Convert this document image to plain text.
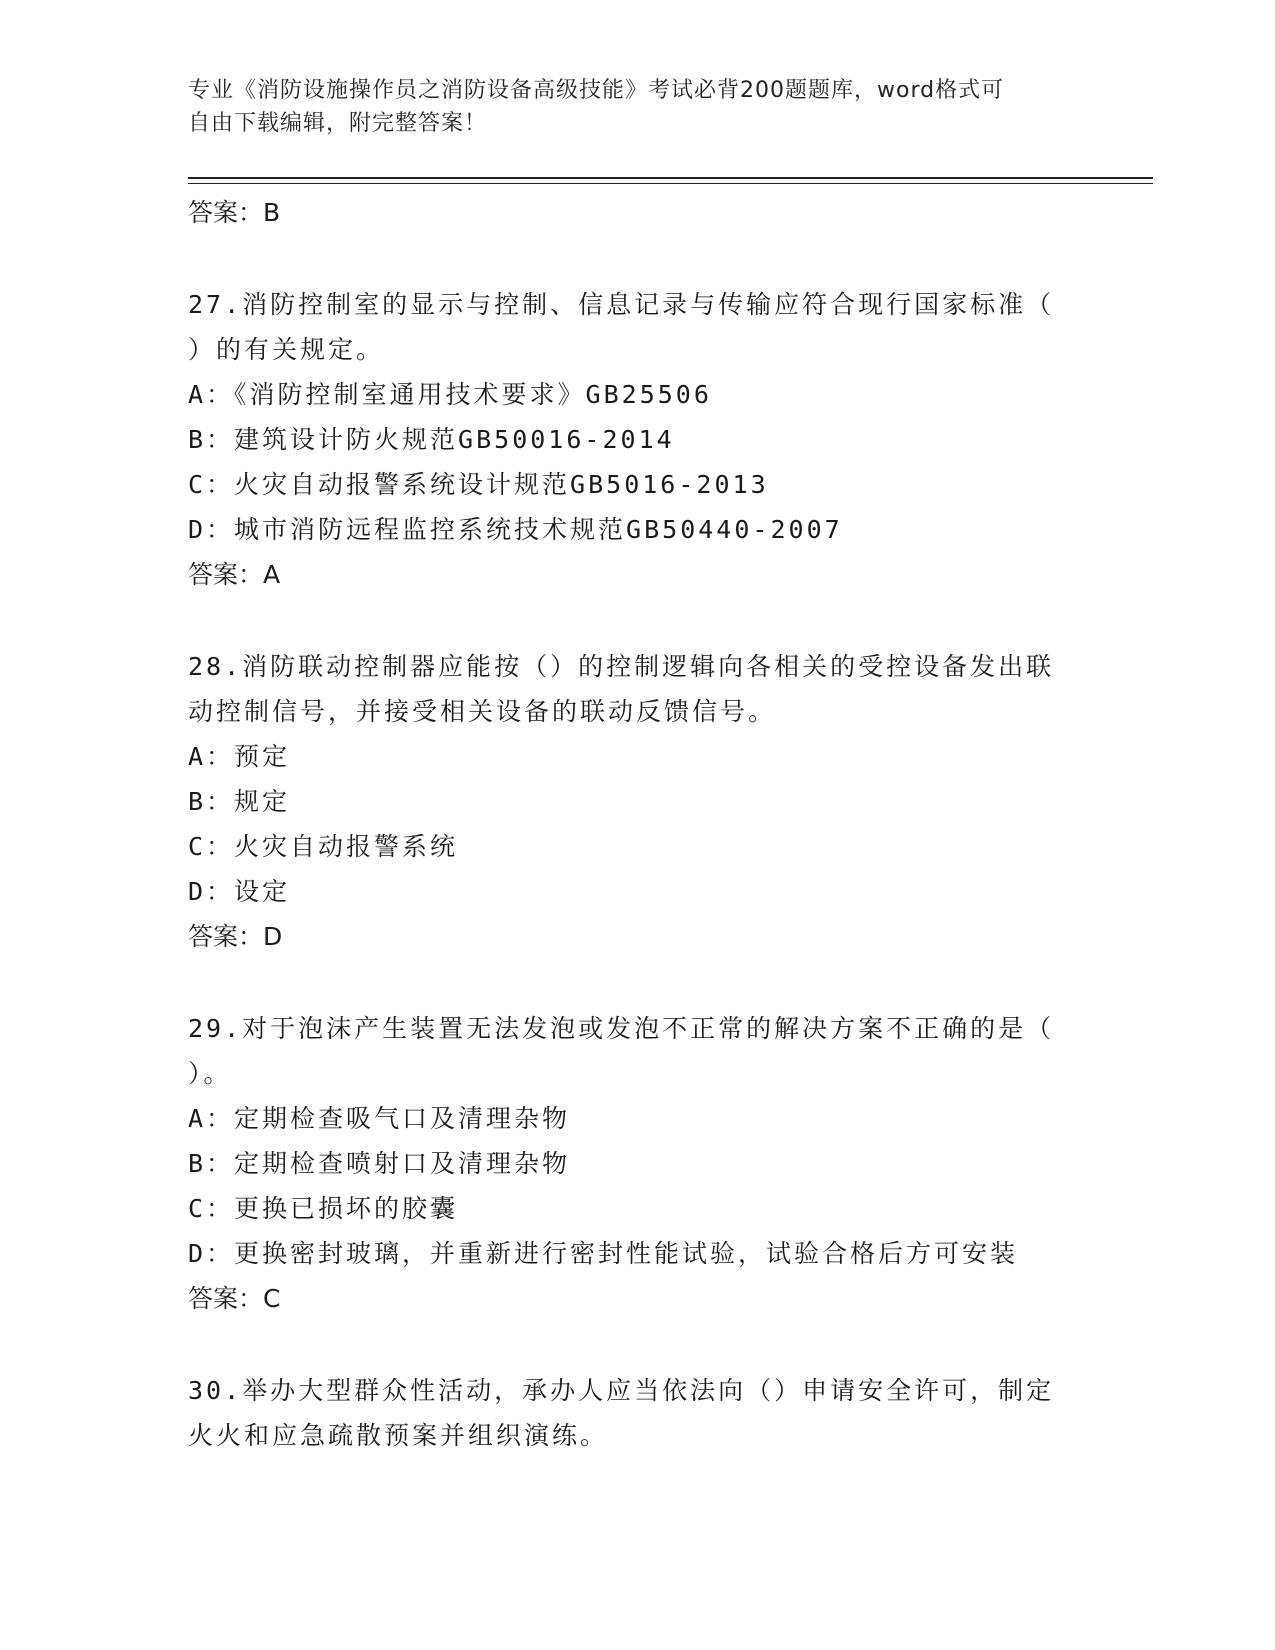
专业《消防设施操作员之消防设备高级技能》考试必背200题题库，word格式可
自由下载编辑，附完整答案！
答案：B
27.消防控制室的显示与控制、信息记录与传输应符合现行国家标准（
）的有关规定。
A：《消防控制室通用技术要求》GB25506
B：建筑设计防火规范GB50016-2014
C：火灾自动报警系统设计规范GB5016-2013
D：城市消防远程监控系统技术规范GB50440-2007
答案：A
28.消防联动控制器应能按（）的控制逻辑向各相关的受控设备发出联
动控制信号，并接受相关设备的联动反馈信号。
A：预定
B：规定
C：火灾自动报警系统
D：设定
答案：D
29.对于泡沫产生装置无法发泡或发泡不正常的解决方案不正确的是（
）。
A：定期检查吸气口及清理杂物
B：定期检查喷射口及清理杂物
C：更换已损坏的胶囊
D：更换密封玻璃，并重新进行密封性能试验，试验合格后方可安装
答案：C
30.举办大型群众性活动，承办人应当依法向（）申请安全许可，制定
火火和应急疏散预案并组织演练。
